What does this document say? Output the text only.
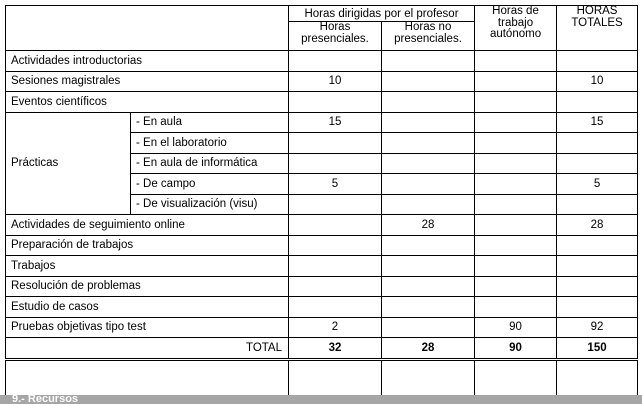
		Horas dirigidas por el profesor		Horas de trabajo autónomo	HORAS TOTALES
		Horas presenciales.	Horas no presenciales.		
Actividades introductorias					
Sesiones magistrales		10			10
Eventos científicos					
Prácticas	- En aula	15			15
	- En el laboratorio				
	- En aula de informática				
	- De campo	5			5
	- De visualización (visu)				
Actividades de seguimiento online			28		28
Preparación de trabajos					
Trabajos					
Resolución de problemas					
Estudio de casos					
Pruebas objetivas tipo test		2		90	92
TOTAL		32	28	90	150

9.- Recursos
